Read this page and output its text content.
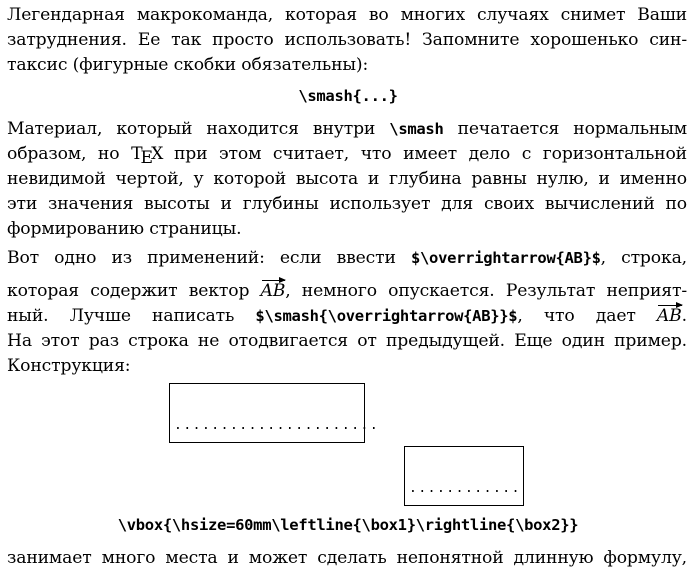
Легендарная макрокоманда, которая во многих случаях снимет Ваши
затруднения. Ее так просто использовать! Запомните хорошенько син-
таксис (фигурные скобки обязательны):
\smash{...}
Материал, который находится внутри \smash печатается нормальным
образом, но TEX при этом считает, что имеет дело с горизонтальной
невидимой чертой, у которой высота и глубина равны нулю, и именно
эти значения высоты и глубины использует для своих вычислений по
формированию страницы.
Вот одно из применений: если ввести $\overrightarrow{AB}$, строка,
которая содержит вектор AB, немного опускается. Результат неприят-
ный. Лучше написать $\smash{\overrightarrow{AB}}$, что дает AB.
На этот раз строка не отодвигается от предыдущей. Еще один пример.
Конструкция:
......................
............
\vbox{\hsize=60mm\leftline{\box1}\rightline{\box2}}
занимает много места и может сделать непонятной длинную формулу,
